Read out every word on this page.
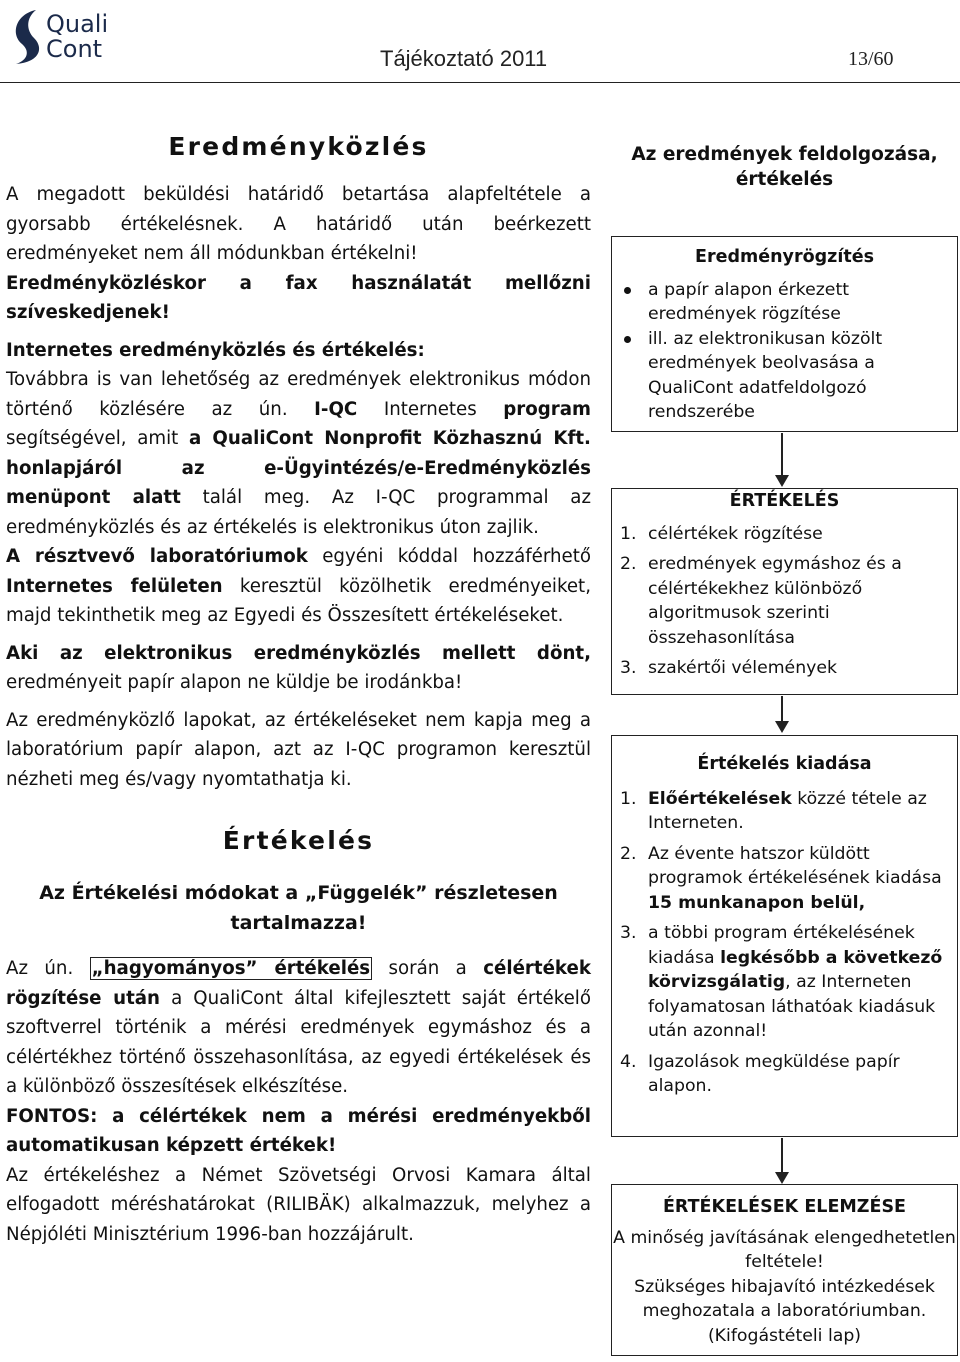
Quali
Cont	Tájékoztató 2011	13/60
Eredményközlés

A megadott beküldési határidő betartása alapfeltétele a gyorsabb értékelésnek. A határidő után beérkezett eredményeket nem áll módunkban értékelni!
Eredményközléskor a fax használatát mellőzni szíveskedjenek!

Internetes eredményközlés és értékelés:
Továbbra is van lehetőség az eredmények elektronikus módon történő közlésére az ún. I-QC Internetes program segítségével, amit a QualiCont Nonprofit Közhasznú Kft. honlapjáról az e-Ügyintézés/e-Eredményközlés menüpont alatt talál meg. Az I-QC programmal az eredményközlés és az értékelés is elektronikus úton zajlik.

A résztvevő laboratóriumok egyéni kóddal hozzáférhető Internetes felületen keresztül közölhetik eredményeiket, majd tekinthetik meg az Egyedi és Összesített értékeléseket.

Aki az elektronikus eredményközlés mellett dönt, eredményeit papír alapon ne küldje be irodánkba!

Az eredményközlő lapokat, az értékeléseket nem kapja meg a laboratórium papír alapon, azt az I-QC programon keresztül nézheti meg és/vagy nyomtathatja ki.

Értékelés
Az Értékelési módokat a „Függelék” részletesen tartalmazza!

Az ún. „hagyományos” értékelés során a célértékek rögzítése után a QualiCont által kifejlesztett saját értékelő szoftverrel történik a mérési eredmények egymáshoz és a célértékhez történő összehasonlítása, az egyedi értékelések és a különböző összesítések elkészítése.

FONTOS: a célértékek nem a mérési eredményekből automatikusan képzett értékek!

Az értékeléshez a Német Szövetségi Orvosi Kamara által elfogadott méréshatárokat (RILIBÄK) alkalmazzuk, melyhez a Népjóléti Minisztérium 1996-ban hozzájárult.

Az eredmények feldolgozása, értékelés
Eredményrögzítés
a papír alapon érkezett eredmények rögzítése
ill. az elektronikusan közölt eredmények beolvasása a QualiCont adatfeldolgozó rendszerébe
ÉRTÉKELÉS
1. célértékek rögzítése
2. eredmények egymáshoz és a célértékekhez különböző algoritmusok szerinti összehasonlítása
3. szakértői vélemények
Értékelés kiadása
1. Előértékelések közzé tétele az Interneten.
2. Az évente hatszor küldött programok értékelésének kiadása 15 munkanapon belül,
3. a többi program értékelésének kiadása legkésőbb a következő körvizsgálatig, az Interneten folyamatosan láthatóak kiadásuk után azonnal!
4. Igazolások megküldése papír alapon.
ÉRTÉKELÉSEK ELEMZÉSE
A minőség javításának elengedhetetlen feltétele!
Szükséges hibajavító intézkedések meghozatala a laboratóriumban.
(Kifogástételi lap)
